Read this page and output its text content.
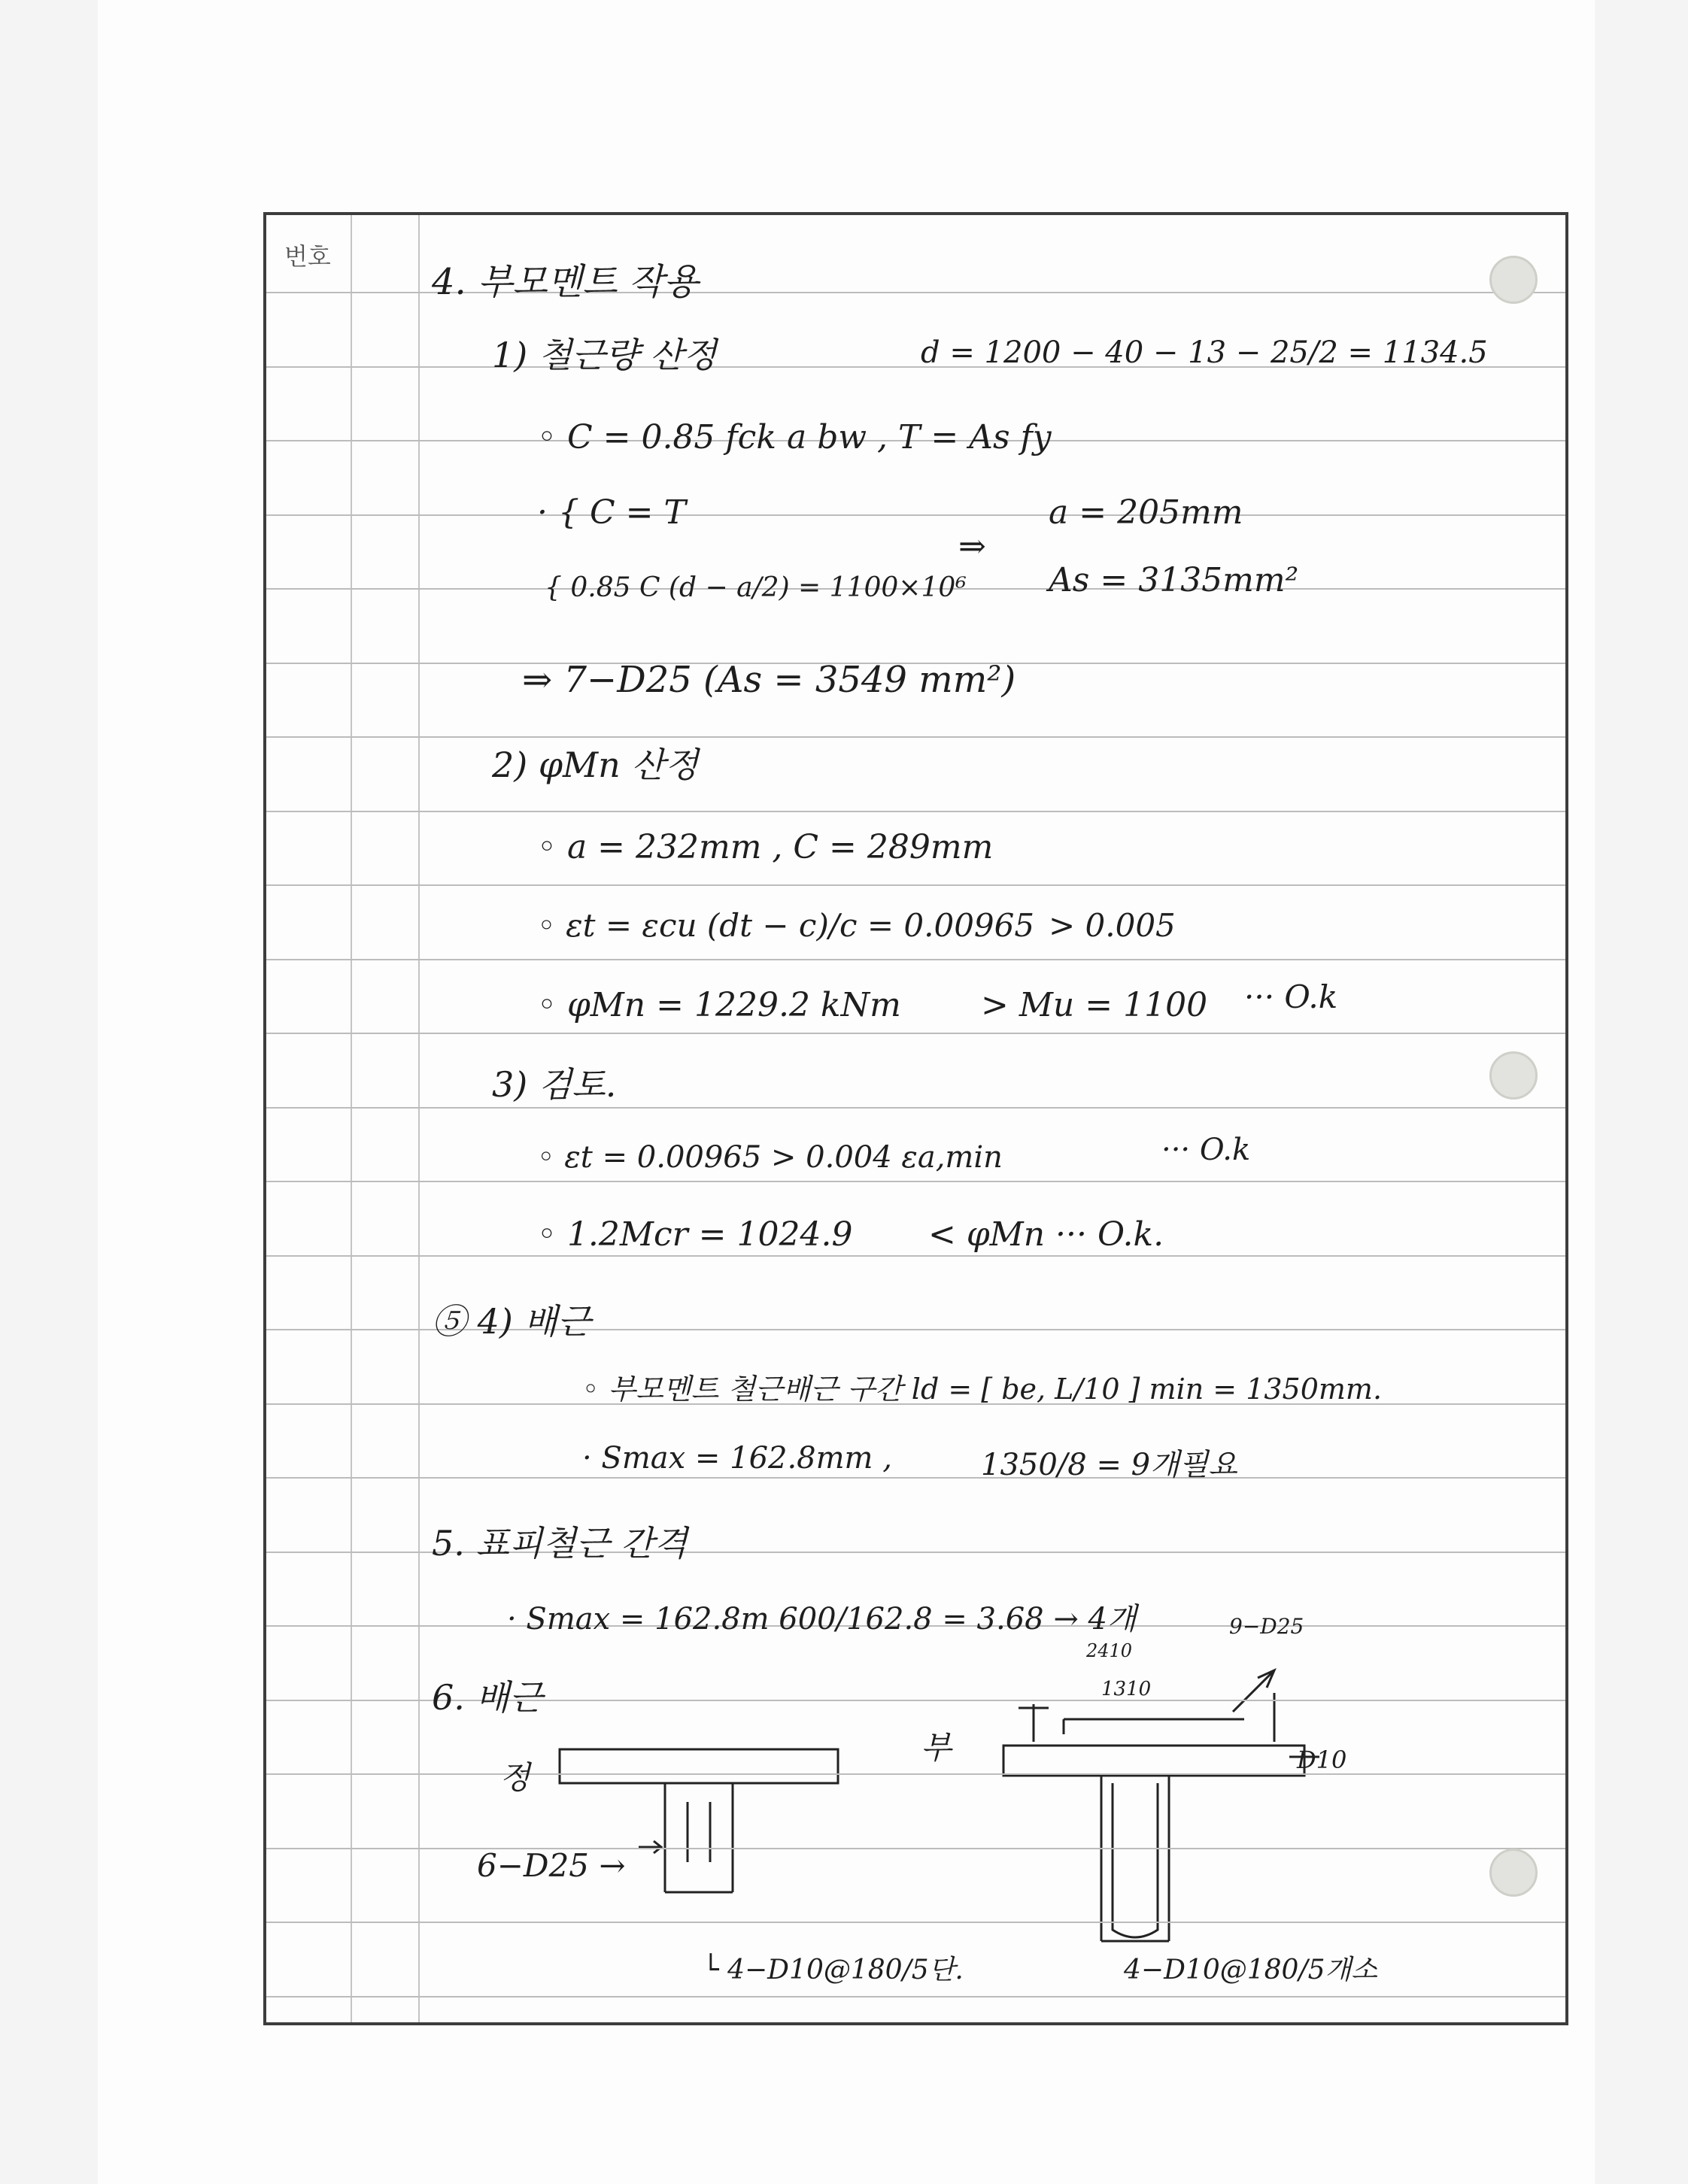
번호
4. 부모멘트 작용
1) 철근량 산정	d = 1200 − 40 − 13 − 25/2 = 1134.5
◦ C = 0.85 fck a bw , T = As fy
· { C = T
{ 0.85 C (d − a/2) = 1100×10⁶
⇒
a = 205mm
As = 3135mm²
⇒ 7−D25 (As = 3549 mm²)
2) φMn 산정
◦ a = 232mm , C = 289mm
◦ εt = εcu (dt − c)/c = 0.00965 > 0.005
◦ φMn = 1229.2 kNm > Mu = 1100 ··· O.k
3) 검토.
◦ εt = 0.00965 > 0.004 εa,min	··· O.k
◦ 1.2Mcr = 1024.9 < φMn ··· O.k.
⑤ 4) 배근
◦ 부모멘트 철근배근 구간 ld = [ be, L/10 ] min = 1350mm.
· Smax = 162.8mm ,	1350/8 = 9개필요
5. 표피철근 간격
· Smax = 162.8m 600/162.8 = 3.68 → 4개
6. 배근
정
6−D25 →
└ 4−D10@180/5단.
부
4−D10@180/5개소
9−D25
2410
1310
D10
